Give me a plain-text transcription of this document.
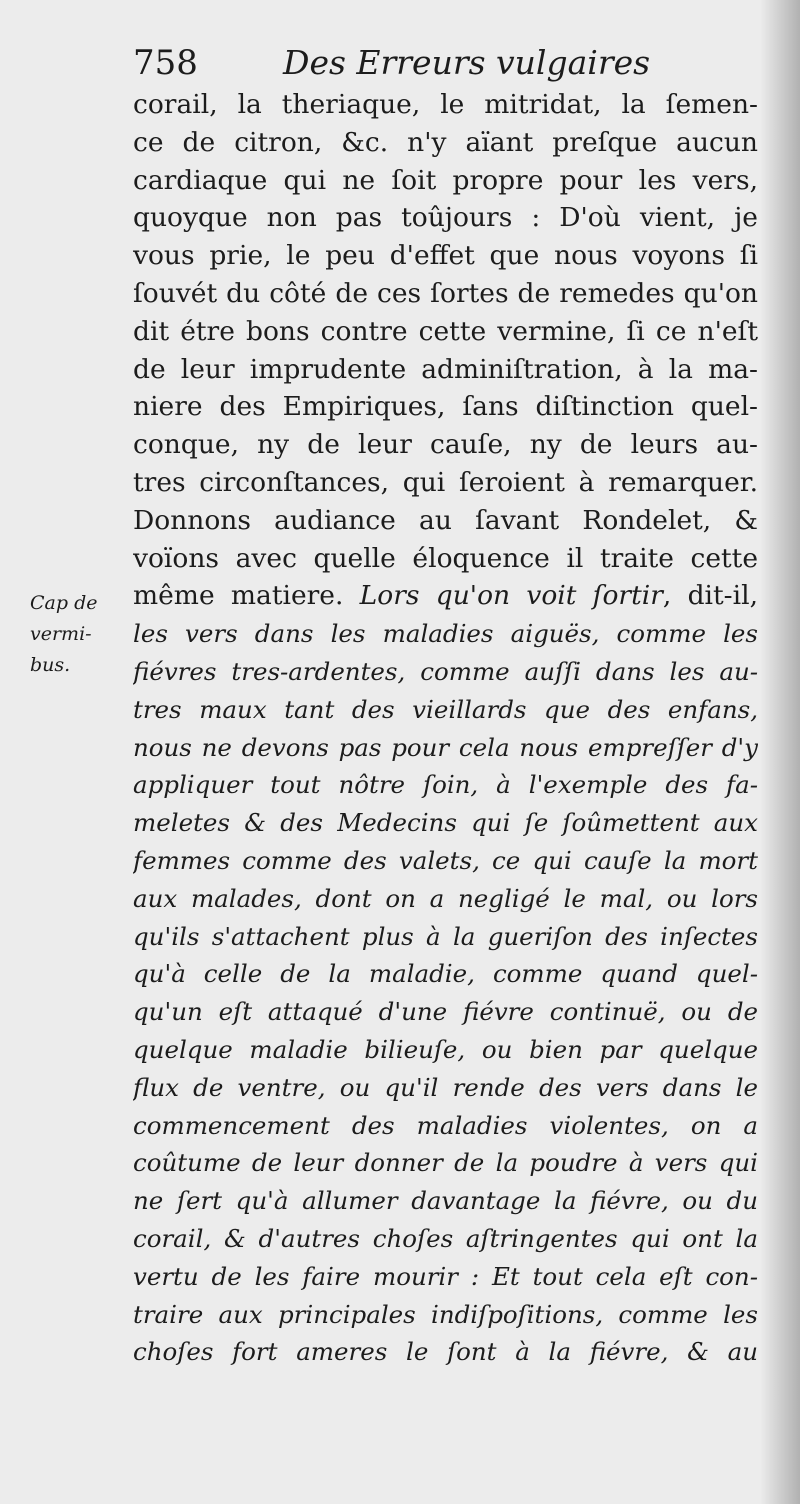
758	Des Erreurs vulgaires
Cap de
vermi-
bus.
corail, la theriaque, le mitridat, la ſemen-
ce de citron, &c. n'y aïant preſque aucun
cardiaque qui ne ſoit propre pour les vers,
quoyque non pas toûjours : D'où vient, je
vous prie, le peu d'effet que nous voyons ſi
ſouvét du côté de ces ſortes de remedes qu'on
dit étre bons contre cette vermine, ſi ce n'eſt
de leur imprudente adminiſtration, à la ma-
niere des Empiriques, ſans diſtinction quel-
conque, ny de leur cauſe, ny de leurs au-
tres circonſtances, qui ſeroient à remarquer.
Donnons audiance au ſavant Rondelet, &
voïons avec quelle éloquence il traite cette
même matiere. Lors qu'on voit ſortir, dit-il,
les vers dans les maladies aiguës, comme les
fiévres tres-ardentes, comme auſſi dans les au-
tres maux tant des vieillards que des enfans,
nous ne devons pas pour cela nous empreſſer d'y
appliquer tout nôtre ſoin, à l'exemple des fa-
meletes & des Medecins qui ſe ſoûmettent aux
femmes comme des valets, ce qui cauſe la mort
aux malades, dont on a negligé le mal, ou lors
qu'ils s'attachent plus à la gueriſon des inſectes
qu'à celle de la maladie, comme quand quel-
qu'un eſt attaqué d'une fiévre continuë, ou de
quelque maladie bilieuſe, ou bien par quelque
flux de ventre, ou qu'il rende des vers dans le
commencement des maladies violentes, on a
coûtume de leur donner de la poudre à vers qui
ne ſert qu'à allumer davantage la fiévre, ou du
corail, & d'autres choſes aſtringentes qui ont la
vertu de les faire mourir : Et tout cela eſt con-
traire aux principales indiſpoſitions, comme les
choſes fort ameres le ſont à la fiévre, & au
